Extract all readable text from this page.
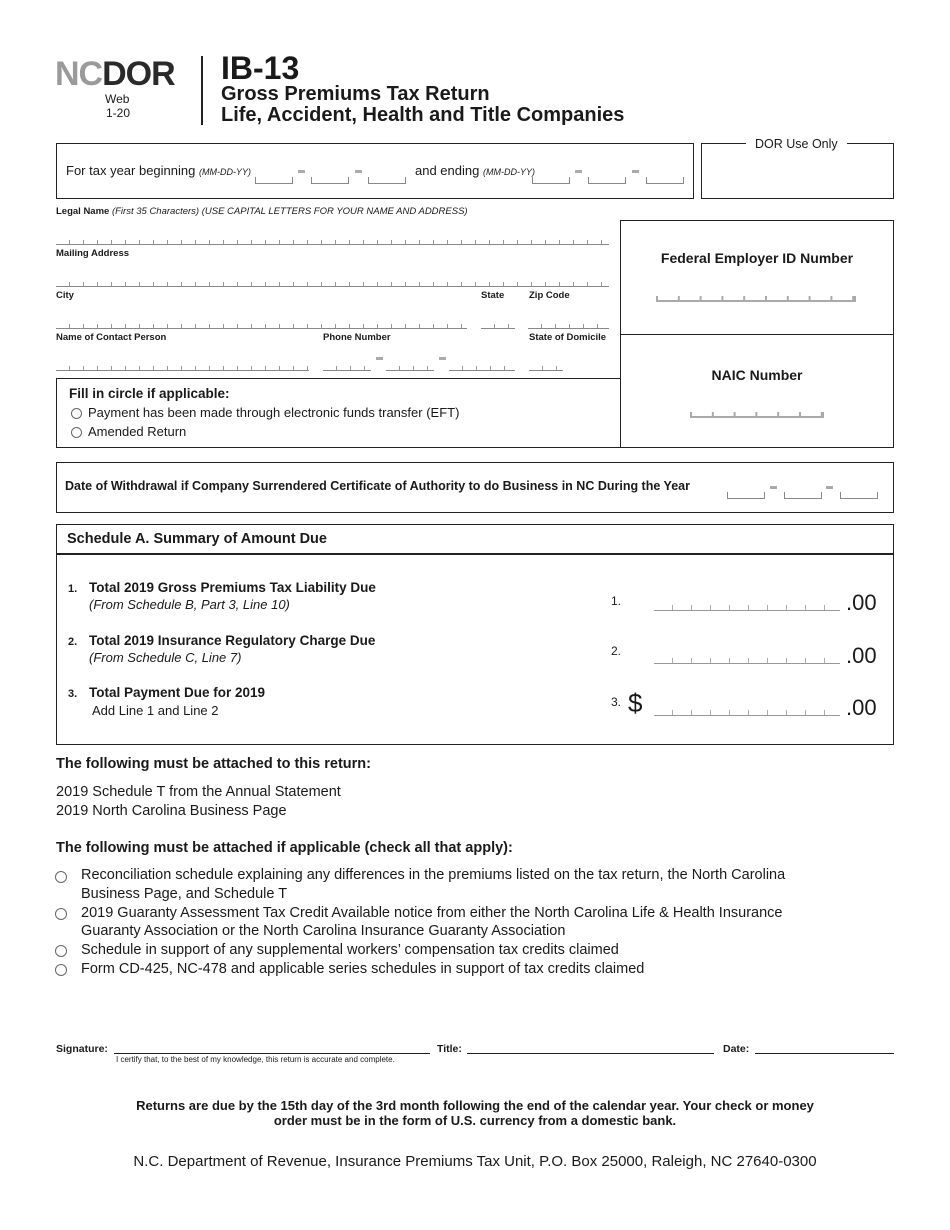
NCDOR
Web
1-20
IB-13
Gross Premiums Tax Return
Life, Accident, Health and Title Companies
For tax year beginning (MM-DD-YY)	and ending (MM-DD-YY)
DOR Use Only
Legal Name (First 35 Characters) (USE CAPITAL LETTERS FOR YOUR NAME AND ADDRESS)
Mailing Address
City	State	Zip Code
Name of Contact Person	Phone Number	State of Domicile
Fill in circle if applicable:
Payment has been made through electronic funds transfer (EFT)
Amended Return
Federal Employer ID Number
NAIC Number
Date of Withdrawal if Company Surrendered Certificate of Authority to do Business in NC During the Year
Schedule A. Summary of Amount Due
1. Total 2019 Gross Premiums Tax Liability Due
(From Schedule B, Part 3, Line 10)	1.	.00
2. Total 2019 Insurance Regulatory Charge Due
(From Schedule C, Line 7)	2.	.00
3. Total Payment Due for 2019
Add Line 1 and Line 2
3. $	.00
The following must be attached to this return:
2019 Schedule T from the Annual Statement
2019 North Carolina Business Page
The following must be attached if applicable (check all that apply):
Reconciliation schedule explaining any differences in the premiums listed on the tax return, the North Carolina
Business Page, and Schedule T
2019 Guaranty Assessment Tax Credit Available notice from either the North Carolina Life & Health Insurance
Guaranty Association or the North Carolina Insurance Guaranty Association
Schedule in support of any supplemental workers’ compensation tax credits claimed
Form CD-425, NC-478 and applicable series schedules in support of tax credits claimed
Signature:
I certify that, to the best of my knowledge, this return is accurate and complete.
Title:	Date:
Returns are due by the 15th day of the 3rd month following the end of the calendar year. Your check or money
order must be in the form of U.S. currency from a domestic bank.
N.C. Department of Revenue, Insurance Premiums Tax Unit, P.O. Box 25000, Raleigh, NC 27640-0300
